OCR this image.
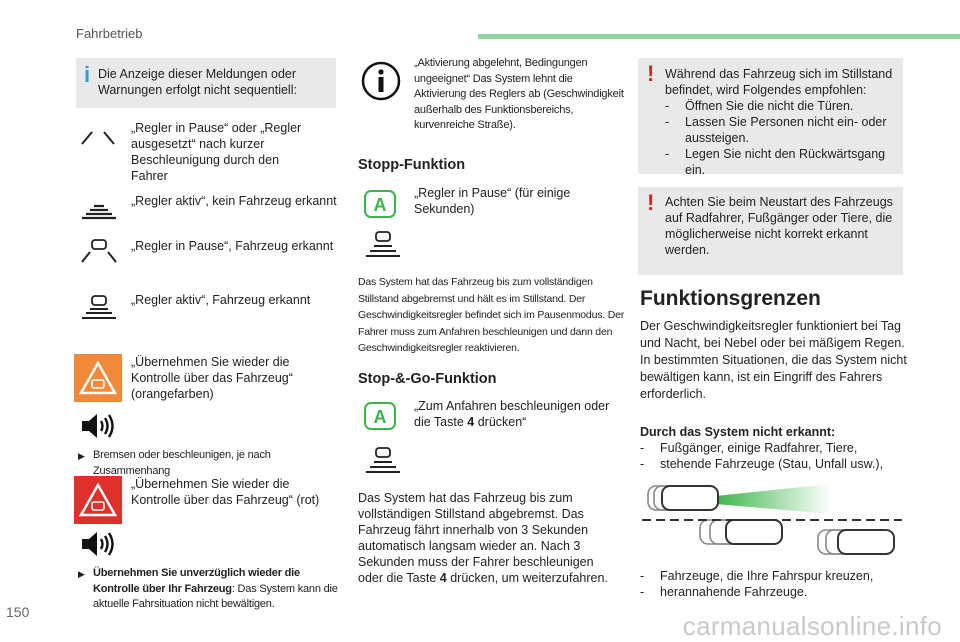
Fahrbetrieb
150
i Die Anzeige dieser Meldungen oder Warnungen erfolgt nicht sequentiell:
„Regler in Pause“ oder „Regler ausgesetzt“ nach kurzer Beschleunigung durch den Fahrer
„Regler aktiv“, kein Fahrzeug erkannt
„Regler in Pause“, Fahrzeug erkannt
„Regler aktiv“, Fahrzeug erkannt
„Übernehmen Sie wieder die Kontrolle über das Fahrzeug“ (orangefarben)
▶ Bremsen oder beschleunigen, je nach Zusammenhang
„Übernehmen Sie wieder die Kontrolle über das Fahrzeug“ (rot)
▶ Übernehmen Sie unverzüglich wieder die Kontrolle über Ihr Fahrzeug: Das System kann die aktuelle Fahrsituation nicht bewältigen.
„Aktivierung abgelehnt, Bedingungen ungeeignet“ Das System lehnt die Aktivierung des Reglers ab (Geschwindigkeit außerhalb des Funktionsbereichs, kurvenreiche Straße).
Stopp-Funktion
A
„Regler in Pause“ (für einige Sekunden)
Das System hat das Fahrzeug bis zum vollständigen Stillstand abgebremst und hält es im Stillstand. Der Geschwindigkeitsregler befindet sich im Pausenmodus. Der Fahrer muss zum Anfahren beschleunigen und dann den Geschwindigkeitsregler reaktivieren.
Stop-&-Go-Funktion
A
„Zum Anfahren beschleunigen oder die Taste 4 drücken“
Das System hat das Fahrzeug bis zum vollständigen Stillstand abgebremst. Das Fahrzeug fährt innerhalb von 3 Sekunden automatisch langsam wieder an. Nach 3 Sekunden muss der Fahrer beschleunigen oder die Taste 4 drücken, um weiterzufahren.
! Während das Fahrzeug sich im Stillstand befindet, wird Folgendes empfohlen:
- Öffnen Sie die nicht die Türen.
- Lassen Sie Personen nicht ein- oder aussteigen.
- Legen Sie nicht den Rückwärtsgang ein.
! Achten Sie beim Neustart des Fahrzeugs auf Radfahrer, Fußgänger oder Tiere, die möglicherweise nicht korrekt erkannt werden.
Funktionsgrenzen
Der Geschwindigkeitsregler funktioniert bei Tag und Nacht, bei Nebel oder bei mäßigem Regen. In bestimmten Situationen, die das System nicht bewältigen kann, ist ein Eingriff des Fahrers erforderlich.
Durch das System nicht erkannt:
- Fußgänger, einige Radfahrer, Tiere,
- stehende Fahrzeuge (Stau, Unfall usw.),
- Fahrzeuge, die Ihre Fahrspur kreuzen,
- herannahende Fahrzeuge.
carmanualsonline.info
